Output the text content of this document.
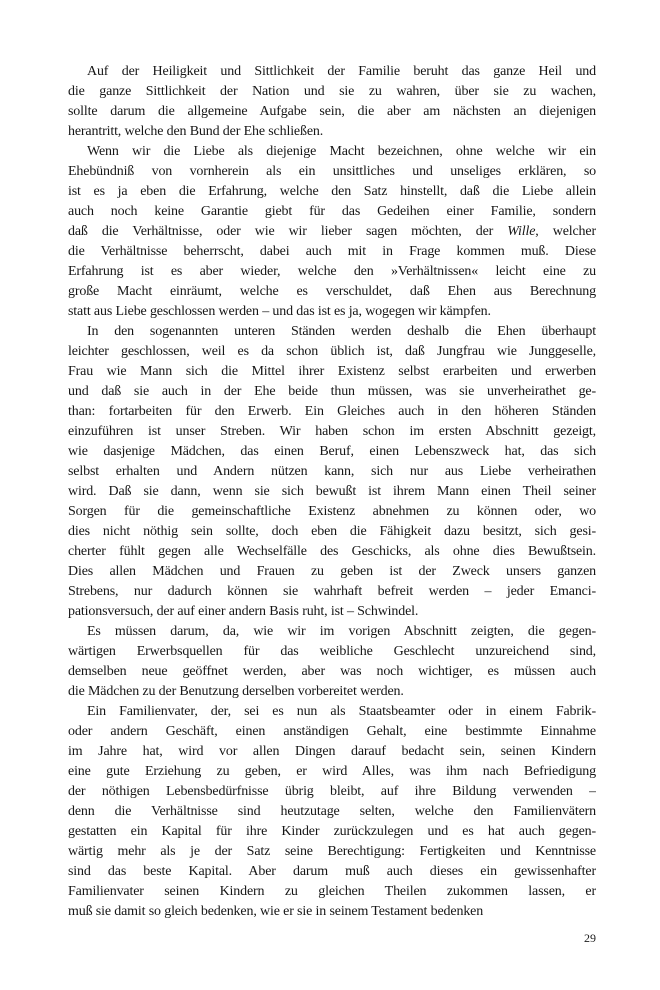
Auf der Heiligkeit und Sittlichkeit der Familie beruht das ganze Heil und
die ganze Sittlichkeit der Nation und sie zu wahren, über sie zu wachen,
sollte darum die allgemeine Aufgabe sein, die aber am nächsten an diejenigen
herantritt, welche den Bund der Ehe schließen.
Wenn wir die Liebe als diejenige Macht bezeichnen, ohne welche wir ein
Ehebündniß von vornherein als ein unsittliches und unseliges erklären, so
ist es ja eben die Erfahrung, welche den Satz hinstellt, daß die Liebe allein
auch noch keine Garantie giebt für das Gedeihen einer Familie, sondern
daß die Verhältnisse, oder wie wir lieber sagen möchten, der Wille, welcher
die Verhältnisse beherrscht, dabei auch mit in Frage kommen muß. Diese
Erfahrung ist es aber wieder, welche den »Verhältnissen« leicht eine zu
große Macht einräumt, welche es verschuldet, daß Ehen aus Berechnung
statt aus Liebe geschlossen werden – und das ist es ja, wogegen wir kämpfen.
In den sogenannten unteren Ständen werden deshalb die Ehen überhaupt
leichter geschlossen, weil es da schon üblich ist, daß Jungfrau wie Junggeselle,
Frau wie Mann sich die Mittel ihrer Existenz selbst erarbeiten und erwerben
und daß sie auch in der Ehe beide thun müssen, was sie unverheirathet ge-
than: fortarbeiten für den Erwerb. Ein Gleiches auch in den höheren Ständen
einzuführen ist unser Streben. Wir haben schon im ersten Abschnitt gezeigt,
wie dasjenige Mädchen, das einen Beruf, einen Lebenszweck hat, das sich
selbst erhalten und Andern nützen kann, sich nur aus Liebe verheirathen
wird. Daß sie dann, wenn sie sich bewußt ist ihrem Mann einen Theil seiner
Sorgen für die gemeinschaftliche Existenz abnehmen zu können oder, wo
dies nicht nöthig sein sollte, doch eben die Fähigkeit dazu besitzt, sich gesi-
cherter fühlt gegen alle Wechselfälle des Geschicks, als ohne dies Bewußtsein.
Dies allen Mädchen und Frauen zu geben ist der Zweck unsers ganzen
Strebens, nur dadurch können sie wahrhaft befreit werden – jeder Emanci-
pationsversuch, der auf einer andern Basis ruht, ist – Schwindel.
Es müssen darum, da, wie wir im vorigen Abschnitt zeigten, die gegen-
wärtigen Erwerbsquellen für das weibliche Geschlecht unzureichend sind,
demselben neue geöffnet werden, aber was noch wichtiger, es müssen auch
die Mädchen zu der Benutzung derselben vorbereitet werden.
Ein Familienvater, der, sei es nun als Staatsbeamter oder in einem Fabrik-
oder andern Geschäft, einen anständigen Gehalt, eine bestimmte Einnahme
im Jahre hat, wird vor allen Dingen darauf bedacht sein, seinen Kindern
eine gute Erziehung zu geben, er wird Alles, was ihm nach Befriedigung
der nöthigen Lebensbedürfnisse übrig bleibt, auf ihre Bildung verwenden –
denn die Verhältnisse sind heutzutage selten, welche den Familienvätern
gestatten ein Kapital für ihre Kinder zurückzulegen und es hat auch gegen-
wärtig mehr als je der Satz seine Berechtigung: Fertigkeiten und Kenntnisse
sind das beste Kapital. Aber darum muß auch dieses ein gewissenhafter
Familienvater seinen Kindern zu gleichen Theilen zukommen lassen, er
muß sie damit so gleich bedenken, wie er sie in seinem Testament bedenken
29
